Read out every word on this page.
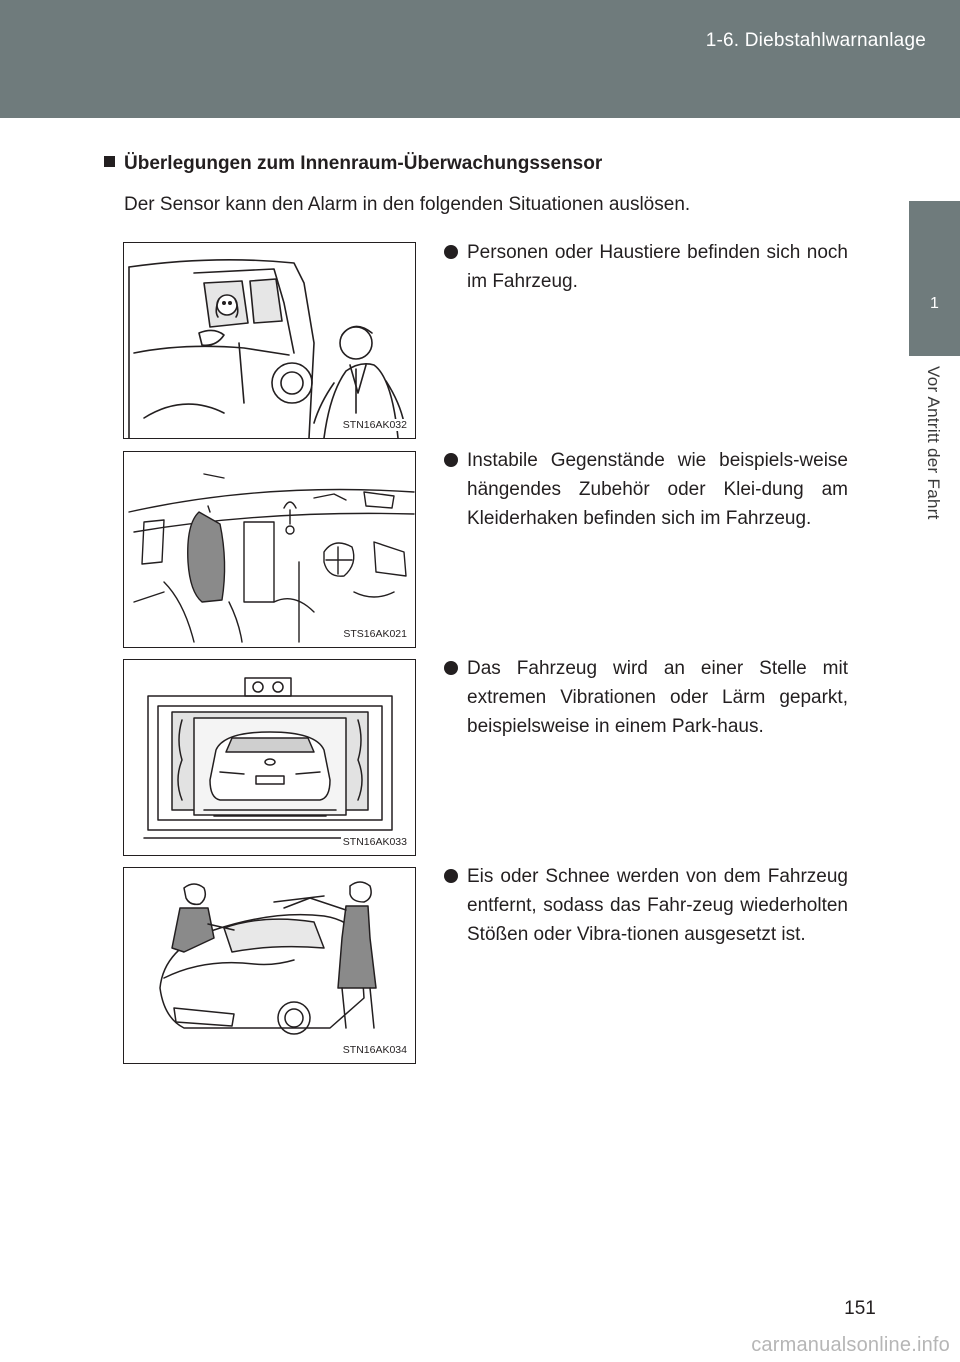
1-6. Diebstahlwarnanlage
1
Vor Antritt der Fahrt
Überlegungen zum Innenraum-Überwachungssensor
Der Sensor kann den Alarm in den folgenden Situationen auslösen.
STN16AK032
Personen oder Haustiere befinden sich noch im Fahrzeug.
STS16AK021
Instabile Gegenstände wie beispiels-weise hängendes Zubehör oder Klei-dung am Kleiderhaken befinden sich im Fahrzeug.
STN16AK033
Das Fahrzeug wird an einer Stelle mit extremen Vibrationen oder Lärm geparkt, beispielsweise in einem Park-haus.
STN16AK034
Eis oder Schnee werden von dem Fahrzeug entfernt, sodass das Fahr-zeug wiederholten Stößen oder Vibra-tionen ausgesetzt ist.
151
carmanualsonline.info
